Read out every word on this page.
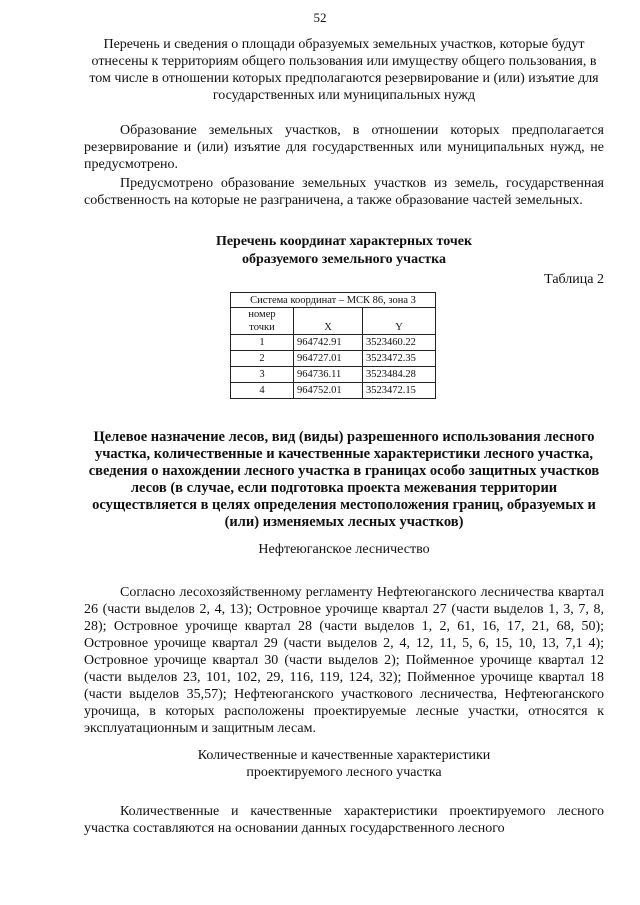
52

Перечень и сведения о площади образуемых земельных участков, которые будут отнесены к территориям общего пользования или имуществу общего пользования, в том числе в отношении которых предполагаются резервирование и (или) изъятие для государственных или муниципальных нужд

Образование земельных участков, в отношении которых предполагается резервирование и (или) изъятие для государственных или муниципальных нужд, не предусмотрено.

Предусмотрено образование земельных участков из земель, государственная собственность на которые не разграничена, а также образование частей земельных.

Перечень координат характерных точек
образуемого земельного участка
Таблица 2
Система координат – МСК 86, зона 3		

номер
точки	X	Y
1	964742.91	3523460.22
2	964727.01	3523472.35
3	964736.11	3523484.28
4	964752.01	3523472.15

Целевое назначение лесов, вид (виды) разрешенного использования лесного участка, количественные и качественные характеристики лесного участка, сведения о нахождении лесного участка в границах особо защитных участков лесов (в случае, если подготовка проекта межевания территории осуществляется в целях определения местоположения границ, образуемых и (или) изменяемых лесных участков)

Нефтеюганское лесничество

Согласно лесохозяйственному регламенту Нефтеюганского лесничества квартал 26 (части выделов 2, 4, 13); Островное урочище квартал 27 (части выделов 1, 3, 7, 8, 28); Островное урочище квартал 28 (части выделов 1, 2, 61, 16, 17, 21, 68, 50); Островное урочище квартал 29 (части выделов 2, 4, 12, 11, 5, 6, 15, 10, 13, 7,1 4); Островное урочище квартал 30 (части выделов 2); Пойменное урочище квартал 12 (части выделов 23, 101, 102, 29, 116, 119, 124, 32); Пойменное урочище квартал 18 (части выделов 35,57); Нефтеюганского участкового лесничества, Нефтеюганского урочища, в которых расположены проектируемые лесные участки, относятся к эксплуатационным и защитным лесам.

Количественные и качественные характеристики
проектируемого лесного участка

Количественные и качественные характеристики проектируемого лесного участка составляются на основании данных государственного лесного
